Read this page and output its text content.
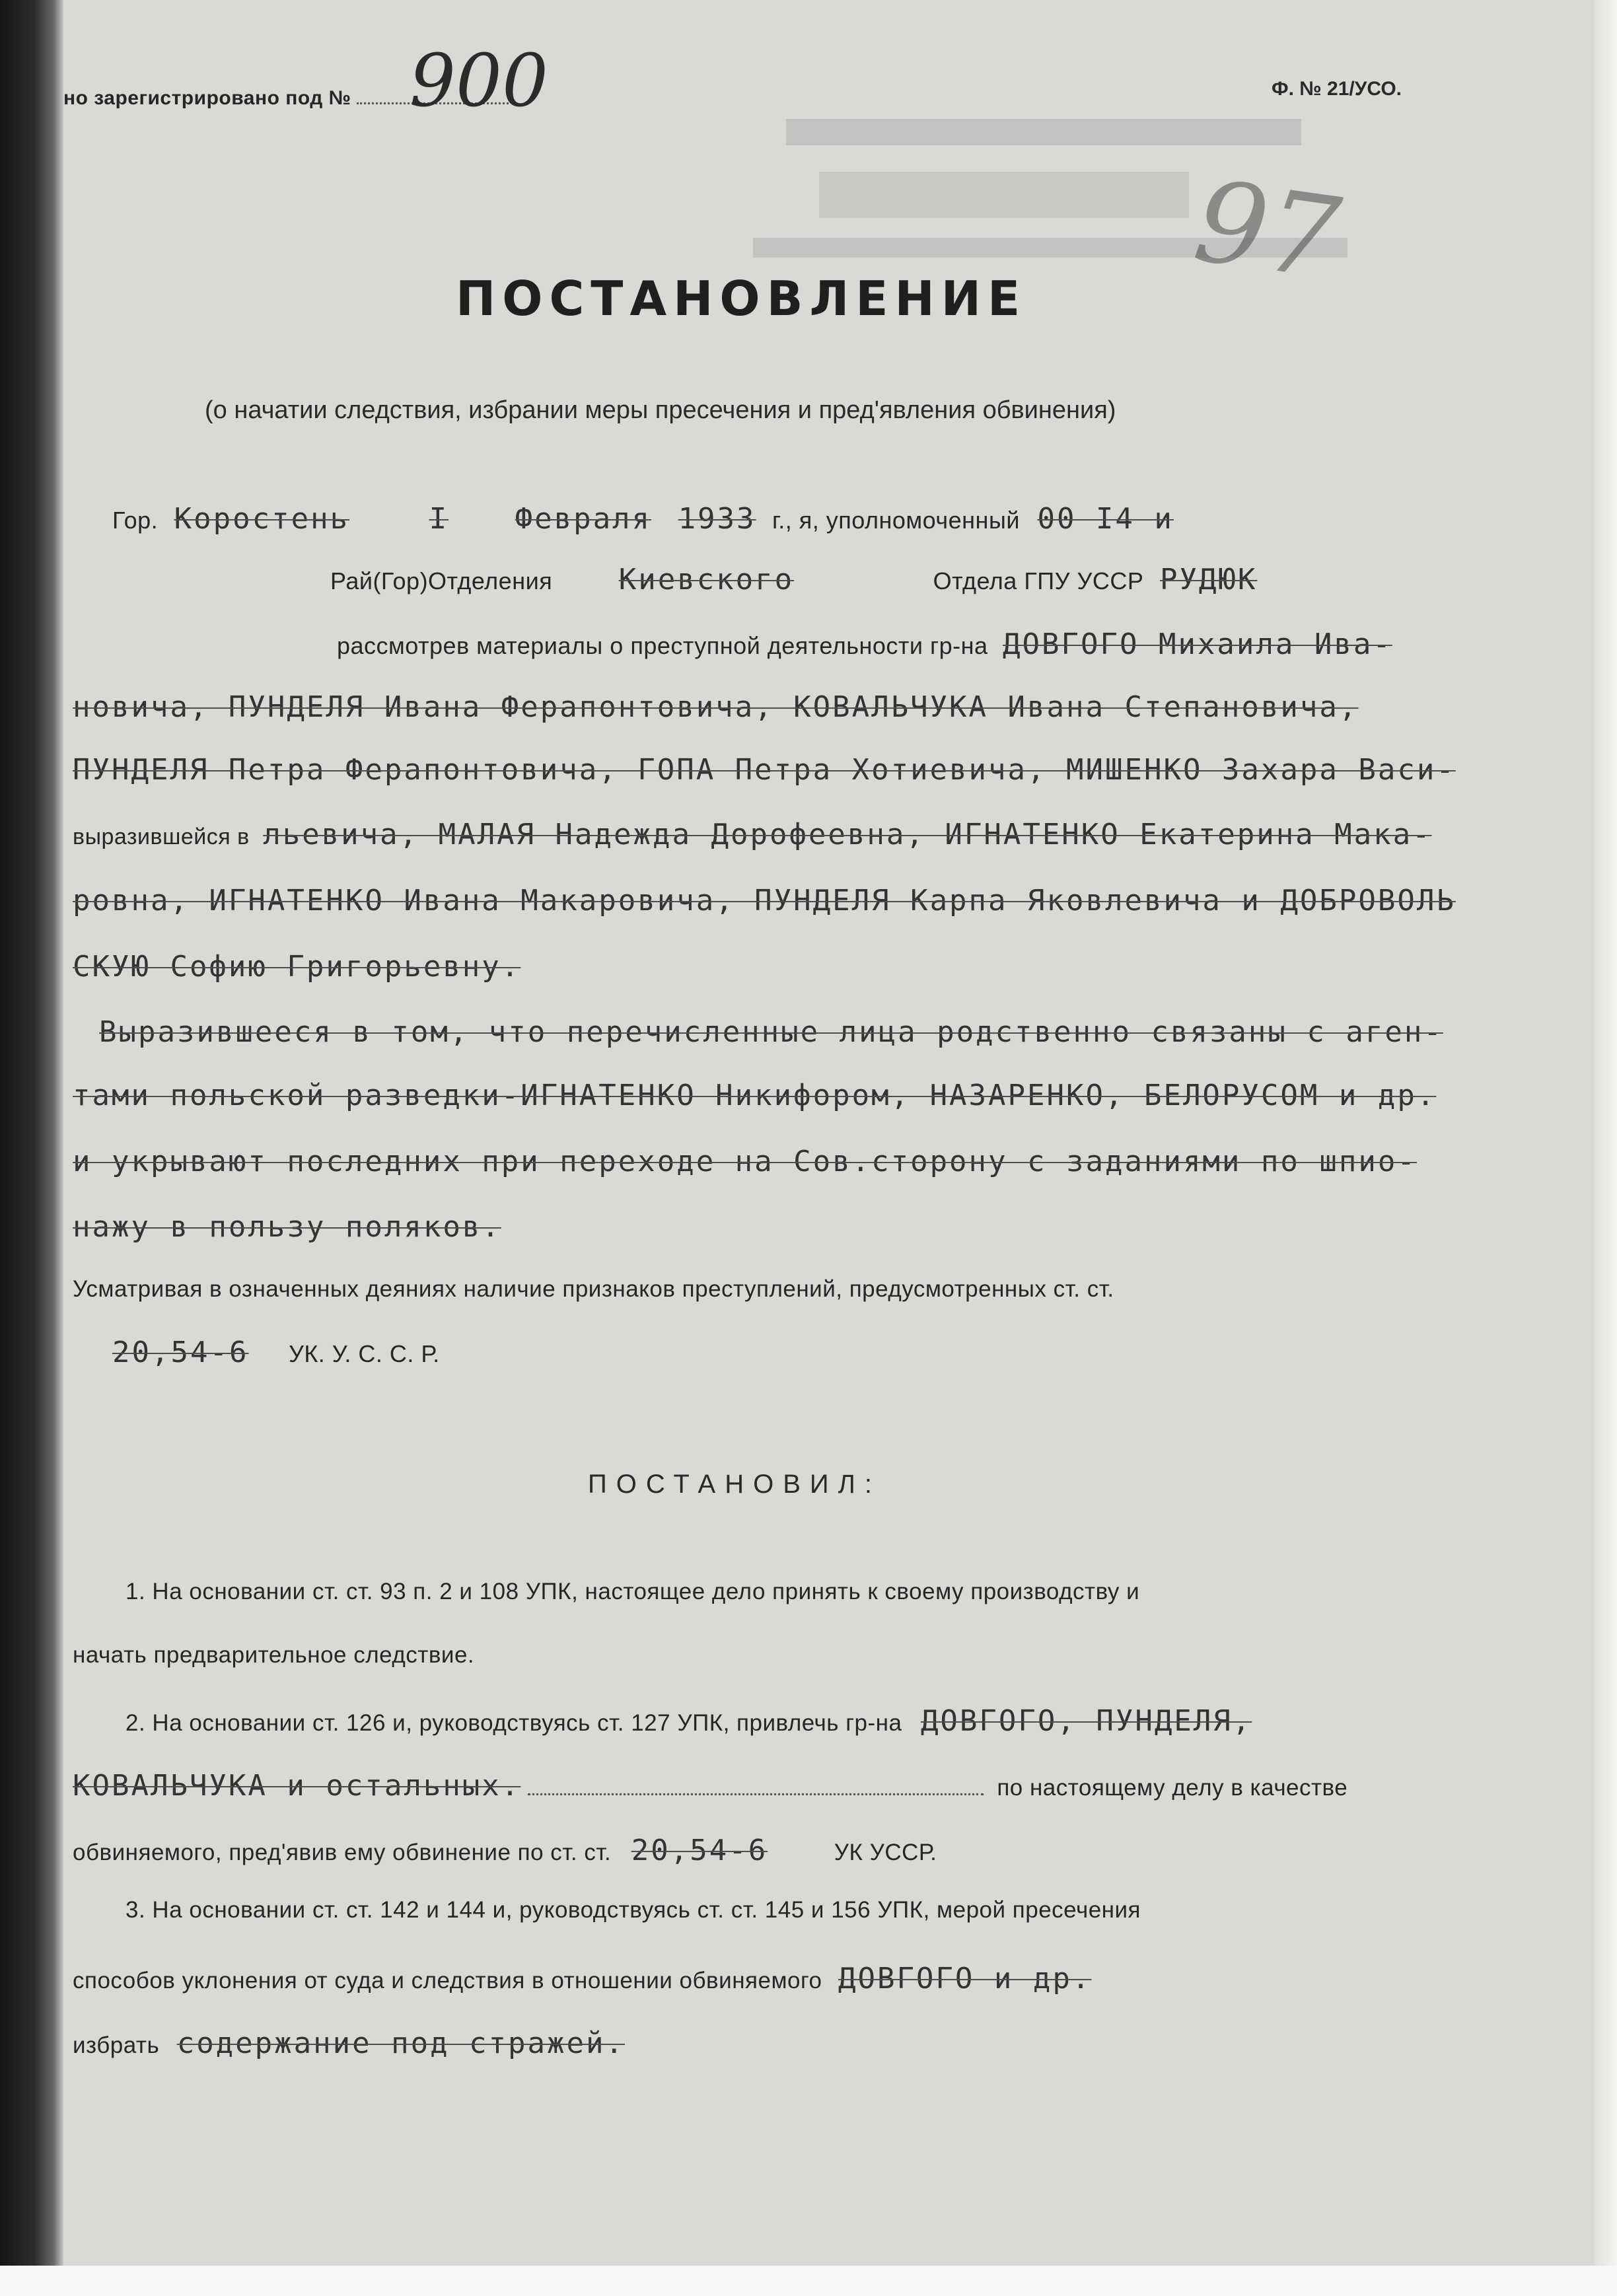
97
но зарегистрировано под № 900	Ф. № 21/УСО.
ПОСТАНОВЛЕНИЕ
(о начатии следствия, избрании меры пресечения и пред'явления обвинения)
Гор. Коростень	І Февраля 1933 г., я, уполномоченный 00 І4 и
Рай(Гор)Отделения Киевского	Отдела ГПУ УССР РУДЮК
рассмотрев материалы о преступной деятельности гр-на ДОВГОГО Михаила Ива-
новича, ПУНДЕЛЯ Ивана Ферапонтовича, КОВАЛЬЧУКА Ивана Степановича,
ПУНДЕЛЯ Петра Ферапонтовича, ГОПА Петра Хотиевича, МИШЕНКО Захара Васи-
выразившейся в льевича, МАЛАЯ Надежда Дорофеевна, ИГНАТЕНКО Екатерина Мака-
ровна, ИГНАТЕНКО Ивана Макаровича, ПУНДЕЛЯ Карпа Яковлевича и ДОБРОВОЛЬ
СКУЮ Софию Григорьевну.
Выразившееся в том, что перечисленные лица родственно связаны с аген-
тами польской разведки-ИГНАТЕНКО Никифором, НАЗАРЕНКО, БЕЛОРУСОМ и др.
и укрывают последних при переходе на Сов.сторону с заданиями по шпио-
нажу в пользу поляков.
Усматривая в означенных деяниях наличие признаков преступлений, предусмотренных ст. ст.
20,54-6 УК. У. С. С. Р.
ПОСТАНОВИЛ:
1. На основании ст. ст. 93 п. 2 и 108 УПК, настоящее дело принять к своему производству и
начать предварительное следствие.
2. На основании ст. 126 и, руководствуясь ст. 127 УПК, привлечь гр-на ДОВГОГО, ПУНДЕЛЯ,
КОВАЛЬЧУКА и остальных.	по настоящему делу в качестве
обвиняемого, пред'явив ему обвинение по ст. ст. 20,54-6	УК УССР.
3. На основании ст. ст. 142 и 144 и, руководствуясь ст. ст. 145 и 156 УПК, мерой пресечения
способов уклонения от суда и следствия в отношении обвиняемого ДОВГОГО и др.
избрать содержание под стражей.
